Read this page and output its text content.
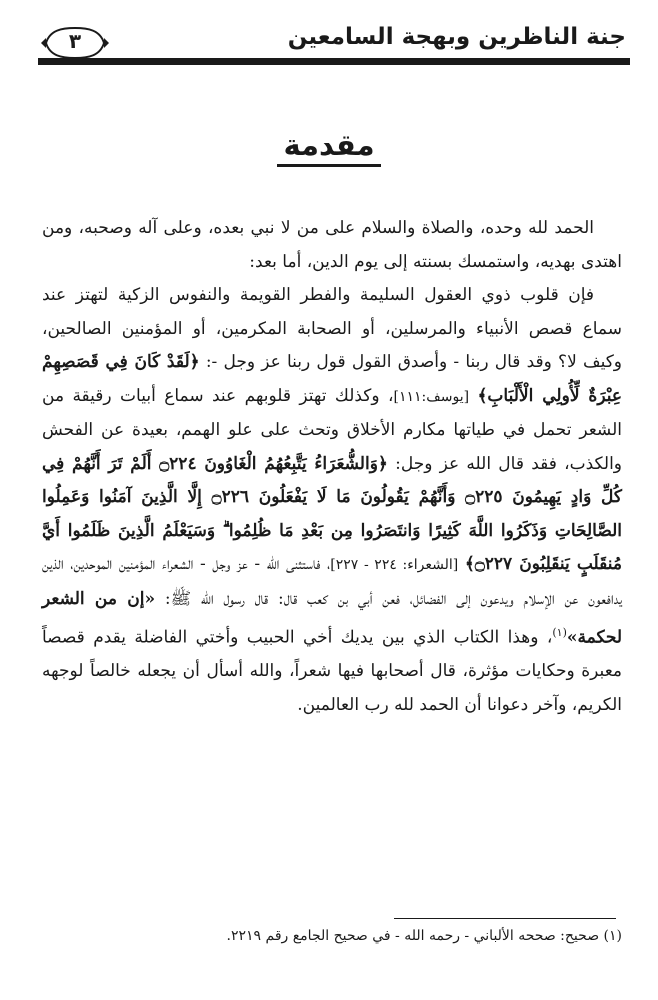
جنة الناظرين وبهجة السامعين
٣
مقدمة

الحمد لله وحده، والصلاة والسلام على من لا نبي بعده، وعلى آله وصحبه، ومن اهتدى بهديه، واستمسك بسنته إلى يوم الدين، أما بعد:

فإن قلوب ذوي العقول السليمة والفطر القويمة والنفوس الزكية لتهتز عند سماع قصص الأنبياء والمرسلين، أو الصحابة المكرمين، أو المؤمنين الصالحين، وكيف لا؟ وقد قال ربنا - وأصدق القول قول ربنا عز وجل -: ﴿لَقَدْ كَانَ فِي قَصَصِهِمْ عِبْرَةٌ لِّأُولِي الْأَلْبَابِ﴾ [يوسف:١١١]، وكذلك تهتز قلوبهم عند سماع أبيات رقيقة من الشعر تحمل في طياتها مكارم الأخلاق وتحث على علو الهمم، بعيدة عن الفحش والكذب، فقد قال الله عز وجل: ﴿وَالشُّعَرَاءُ يَتَّبِعُهُمُ الْغَاوُونَ ۝٢٢٤ أَلَمْ تَرَ أَنَّهُمْ فِي كُلِّ وَادٍ يَهِيمُونَ ۝٢٢٥ وَأَنَّهُمْ يَقُولُونَ مَا لَا يَفْعَلُونَ ۝٢٢٦ إِلَّا الَّذِينَ آمَنُوا وَعَمِلُوا الصَّالِحَاتِ وَذَكَرُوا اللَّهَ كَثِيرًا وَانتَصَرُوا مِن بَعْدِ مَا ظُلِمُوا ۗ وَسَيَعْلَمُ الَّذِينَ ظَلَمُوا أَيَّ مُنقَلَبٍ يَنقَلِبُونَ ۝٢٢٧﴾ [الشعراء: ٢٢٤ - ٢٢٧]، فاستثنى الله - عز وجل - الشعراء المؤمنين الموحدين، الذين يدافعون عن الإسلام ويدعون إلى الفضائل، فعن أبي بن كعب قال: قال رسول الله ﷺ: «إن من الشعر لحكمة»$^{(١)}$، وهذا الكتاب الذي بين يديك أخي الحبيب وأختي الفاضلة يقدم قصصاً معبرة وحكايات مؤثرة، قال أصحابها فيها شعراً، والله أسأل أن يجعله خالصاً لوجهه الكريم، وآخر دعوانا أن الحمد لله رب العالمين.

(١) صحيح: صححه الألباني - رحمه الله - في صحيح الجامع رقم ٢٢١٩.
